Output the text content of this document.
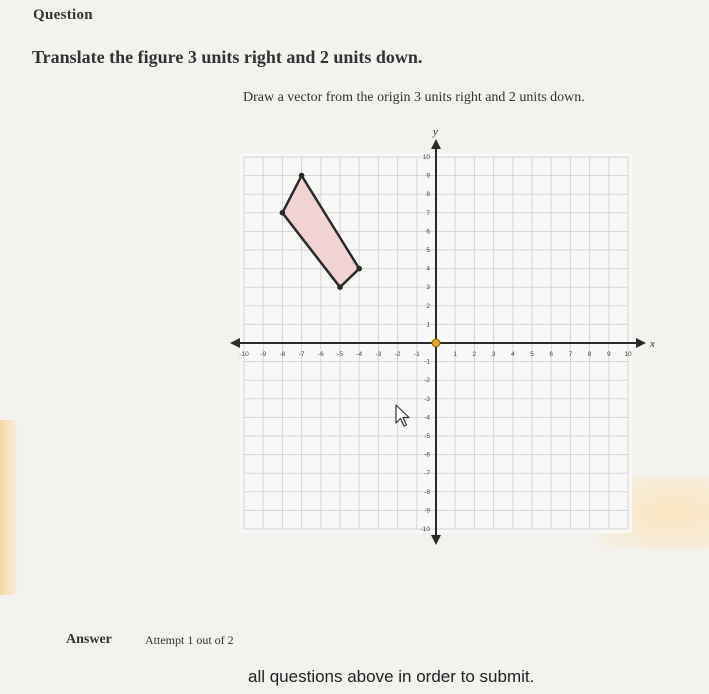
Question
Translate the figure 3 units right and 2 units down.
Draw a vector from the origin 3 units right and 2 units down.
x
y
-10 -9 -8 -7 -6 -5 -4 -3 -2 -1	1 2 3 4 5 6 7 8 9 10
-10
-9
-8
-7
-6
-5
-4
-3
-2
-1
1
2
3
4
5
6
7
8
9
10
Answer	Attempt 1 out of 2
all questions above in order to submit.
